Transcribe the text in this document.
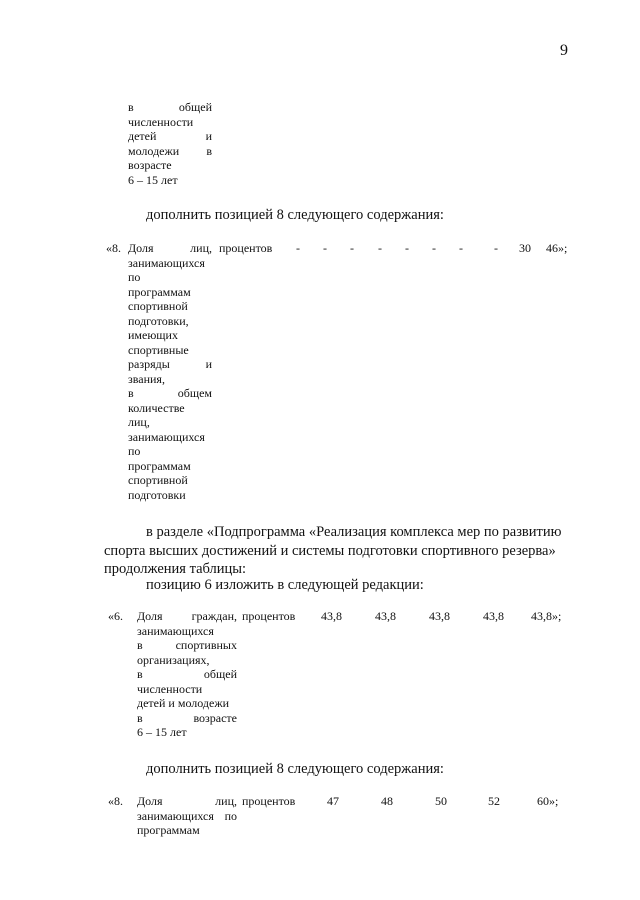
9
в общей
численности
детей и
молодежи в
возрасте
6 – 15 лет
дополнить позицией 8 следующего содержания:
«8. Доля лиц,
занимающихся
по
программам
спортивной
подготовки,
имеющих
спортивные
разряды и
звания,
в общем
количестве
лиц,
занимающихся
по
программам
спортивной
подготовки
процентов - - - - - - -	- 30 46»;
в разделе «Подпрограмма «Реализация комплекса мер по развитию
спорта высших достижений и системы подготовки спортивного резерва»
продолжения таблицы:
позицию 6 изложить в следующей редакции:
«6. Доля граждан,
занимающихся
в спортивных
организациях,
в общей
численности
детей и молодежи
в возрасте
6 – 15 лет
процентов 43,8	43,8	43,8	43,8 43,8»;
дополнить позицией 8 следующего содержания:
«8. Доля лиц,
занимающихся по
программам
процентов	47	48	50	52	60»;
